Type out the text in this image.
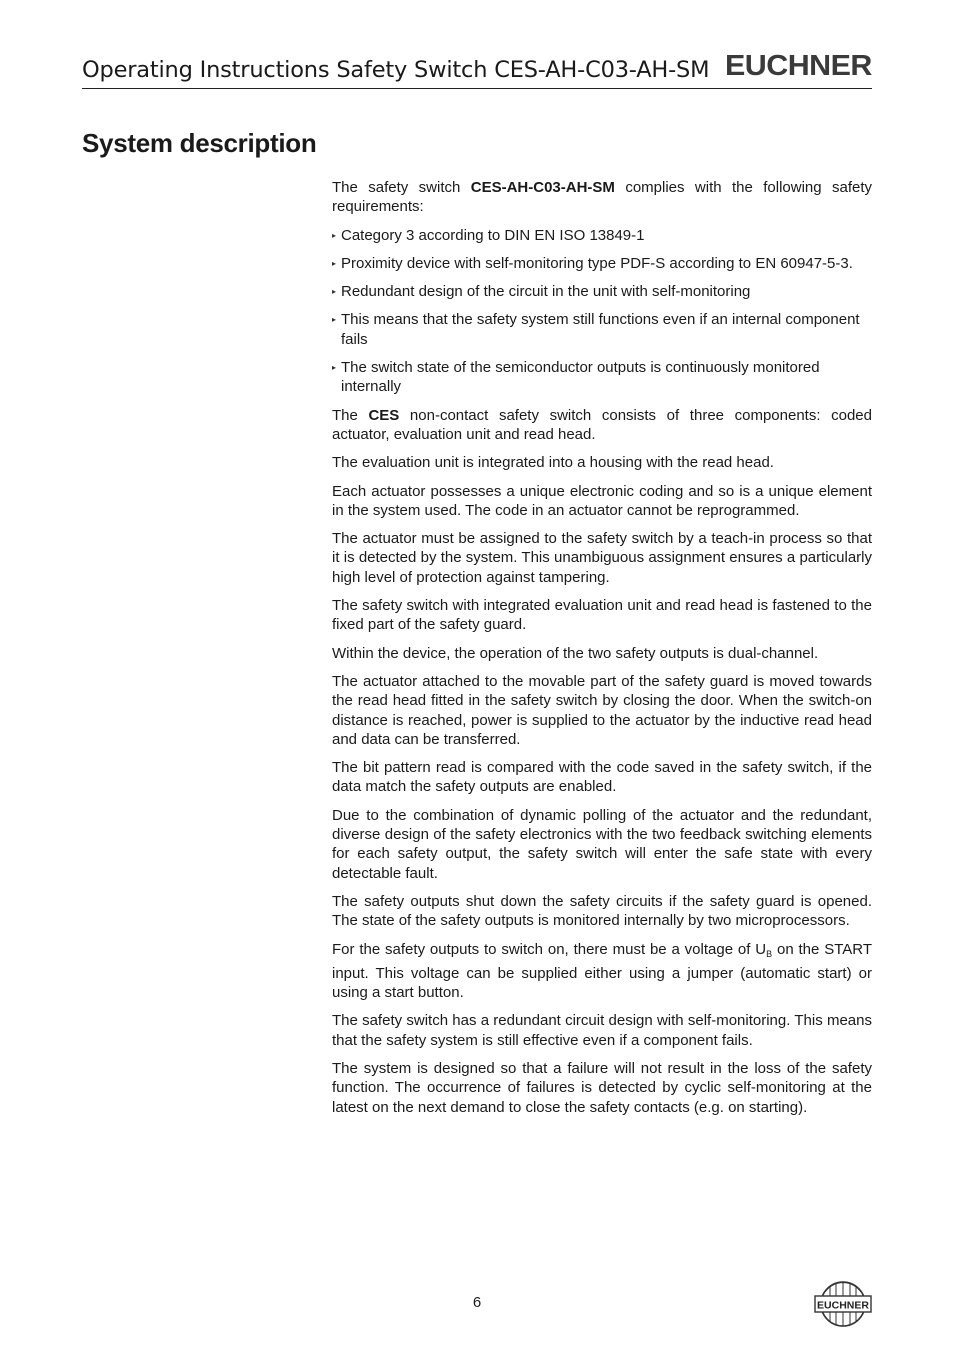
Operating Instructions Safety Switch CES-AH-C03-AH-SM EUCHNER
System description

The safety switch CES-AH-C03-AH-SM complies with the following safety requirements:

▸ Category 3 according to DIN EN ISO 13849-1
▸ Proximity device with self-monitoring type PDF-S according to EN 60947-5-3.
▸ Redundant design of the circuit in the unit with self-monitoring
▸ This means that the safety system still functions even if an internal component fails
▸ The switch state of the semiconductor outputs is continuously monitored internally

The CES non-contact safety switch consists of three components: coded actuator, evaluation unit and read head.

The evaluation unit is integrated into a housing with the read head.

Each actuator possesses a unique electronic coding and so is a unique element in the system used. The code in an actuator cannot be reprogrammed.

The actuator must be assigned to the safety switch by a teach-in process so that it is detected by the system. This unambiguous assignment ensures a particularly high level of protection against tampering.

The safety switch with integrated evaluation unit and read head is fastened to the fixed part of the safety guard.

Within the device, the operation of the two safety outputs is dual-channel.

The actuator attached to the movable part of the safety guard is moved towards the read head fitted in the safety switch by closing the door. When the switch-on distance is reached, power is supplied to the actuator by the inductive read head and data can be transferred.

The bit pattern read is compared with the code saved in the safety switch, if the data match the safety outputs are enabled.

Due to the combination of dynamic polling of the actuator and the redundant, diverse design of the safety electronics with the two feedback switching elements for each safety output, the safety switch will enter the safe state with every detectable fault.

The safety outputs shut down the safety circuits if the safety guard is opened. The state of the safety outputs is monitored internally by two microprocessors.

For the safety outputs to switch on, there must be a voltage of $U_B$ on the START input. This voltage can be supplied either using a jumper (automatic start) or using a start button.

The safety switch has a redundant circuit design with self-monitoring. This means that the safety system is still effective even if a component fails.

The system is designed so that a failure will not result in the loss of the safety function. The occurrence of failures is detected by cyclic self-monitoring at the latest on the next demand to close the safety contacts (e.g. on starting).

6	EUCHNER
